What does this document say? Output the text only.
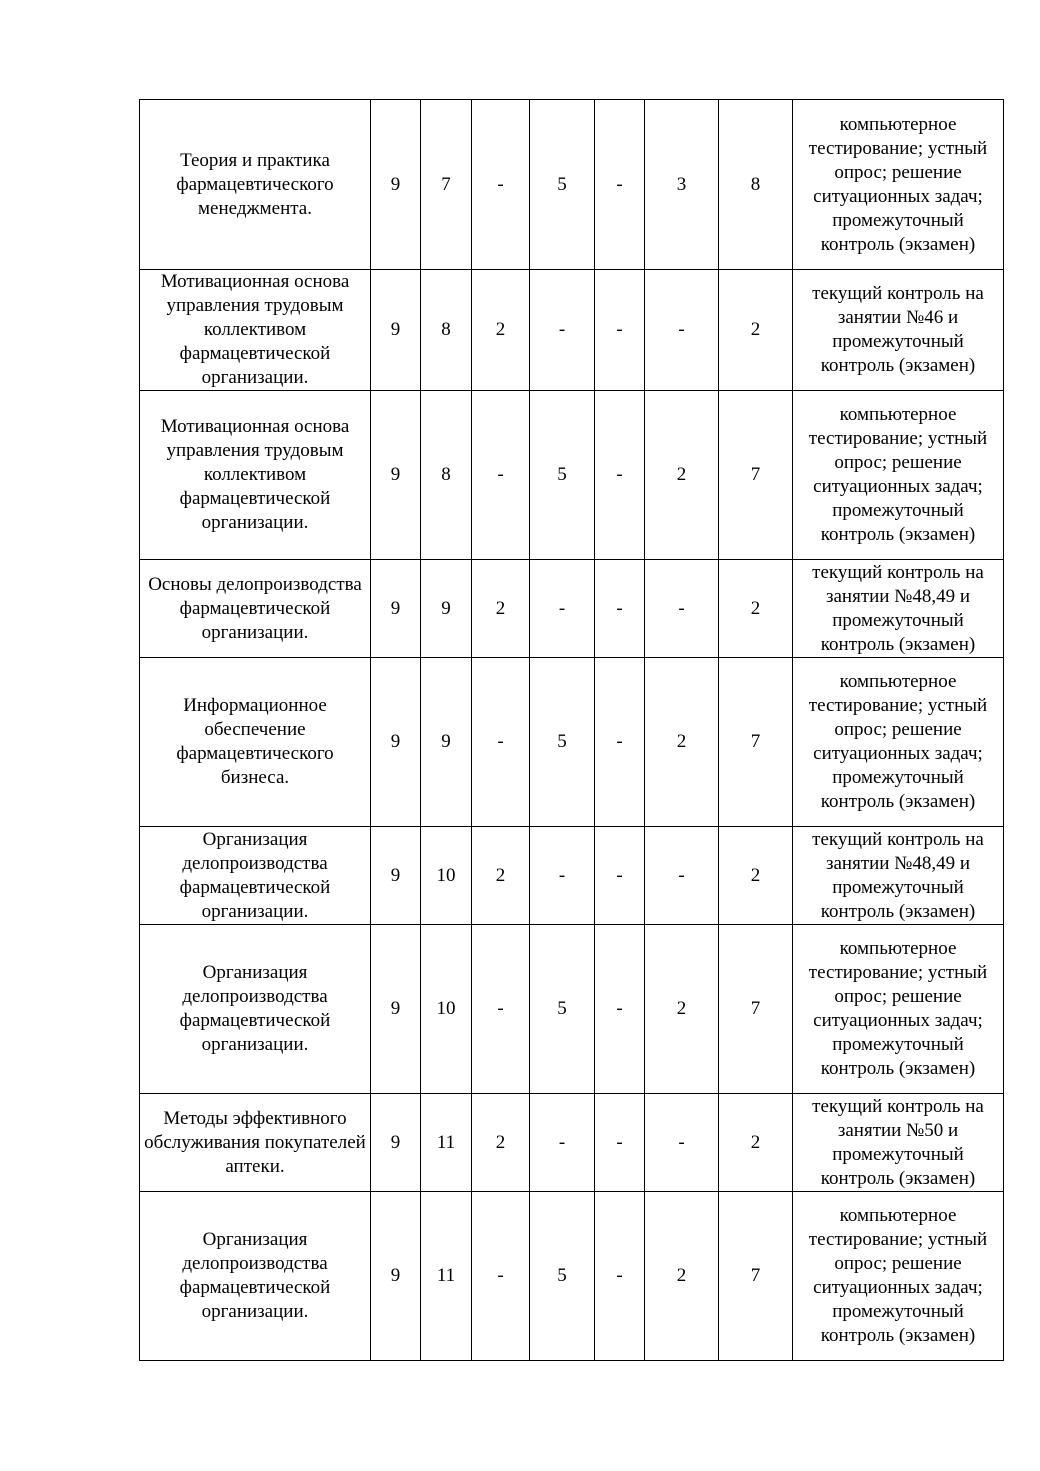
Теория и практика фармацевтического менеджмента.	9	7	-	5	-	3	8	компьютерное тестирование; устный опрос; решение ситуационных задач; промежуточный контроль (экзамен)
Мотивационная основа управления трудовым коллективом фармацевтической организации.	9	8	2	-	-	-	2	текущий контроль на занятии №46 и промежуточный контроль (экзамен)
Мотивационная основа управления трудовым коллективом фармацевтической организации.	9	8	-	5	-	2	7	компьютерное тестирование; устный опрос; решение ситуационных задач; промежуточный контроль (экзамен)
Основы делопроизводства фармацевтической организации.	9	9	2	-	-	-	2	текущий контроль на занятии №48,49 и промежуточный контроль (экзамен)
Информационное обеспечение фармацевтического бизнеса.	9	9	-	5	-	2	7	компьютерное тестирование; устный опрос; решение ситуационных задач; промежуточный контроль (экзамен)
Организация делопроизводства фармацевтической организации.	9	10	2	-	-	-	2	текущий контроль на занятии №48,49 и промежуточный контроль (экзамен)
Организация делопроизводства фармацевтической организации.	9	10	-	5	-	2	7	компьютерное тестирование; устный опрос; решение ситуационных задач; промежуточный контроль (экзамен)
Методы эффективного обслуживания покупателей аптеки.	9	11	2	-	-	-	2	текущий контроль на занятии №50 и промежуточный контроль (экзамен)
Организация делопроизводства фармацевтической организации.	9	11	-	5	-	2	7	компьютерное тестирование; устный опрос; решение ситуационных задач; промежуточный контроль (экзамен)
